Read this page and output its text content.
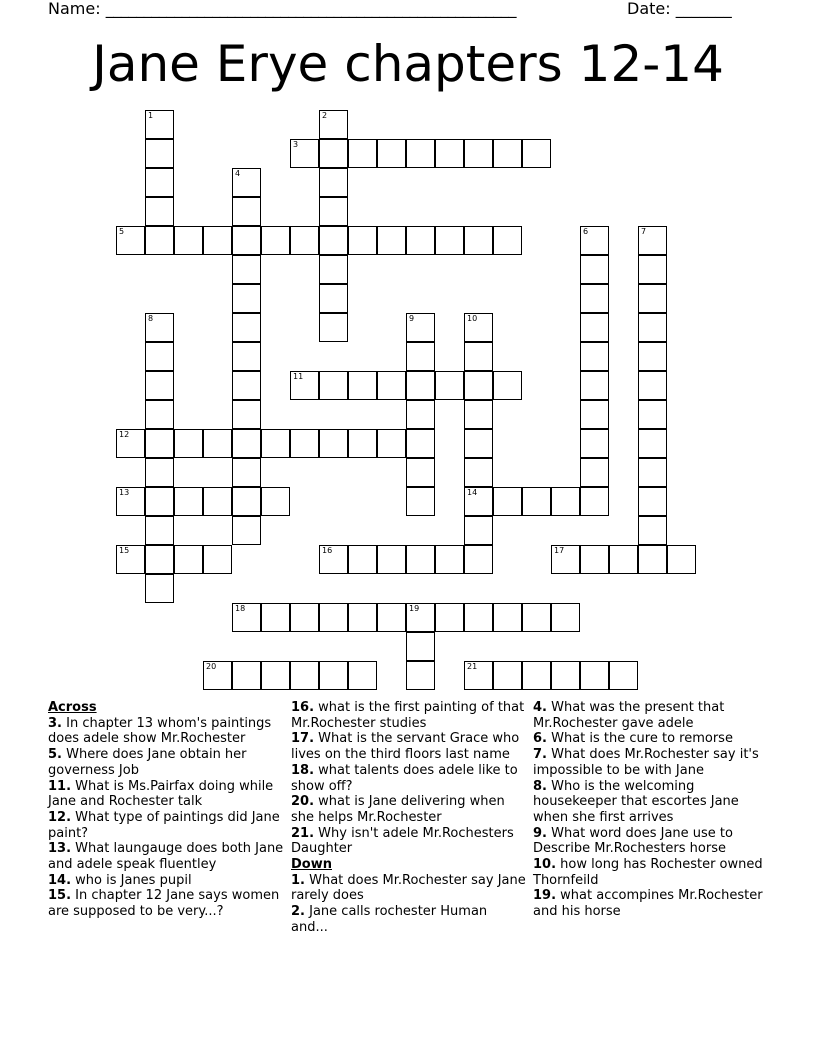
Name: ______________________________________________________	Date: _______
Jane Erye chapters 12-14
1	2
3
4
5	6	7
8	9	10
14
11
12
13
15	16	17
18	19
20	21
Across

3. In chapter 13 whom's paintings does adele show Mr.Rochester

5. Where does Jane obtain her governess Job

11. What is Ms.Pairfax doing while Jane and Rochester talk

12. What type of paintings did Jane paint?

13. What laungauge does both Jane and adele speak fluentley

14. who is Janes pupil

15. In chapter 12 Jane says women are supposed to be very...?

16. what is the first painting of that Mr.Rochester studies

17. What is the servant Grace who lives on the third floors last name

18. what talents does adele like to show off?

20. what is Jane delivering when she helps Mr.Rochester

21. Why isn't adele Mr.Rochesters Daughter

Down

1. What does Mr.Rochester say Jane rarely does

2. Jane calls rochester Human and...

4. What was the present that Mr.Rochester gave adele

6. What is the cure to remorse

7. What does Mr.Rochester say it's impossible to be with Jane

8. Who is the welcoming housekeeper that escortes Jane when she first arrives

9. What word does Jane use to Describe Mr.Rochesters horse

10. how long has Rochester owned Thornfeild

19. what accompines Mr.Rochester and his horse
